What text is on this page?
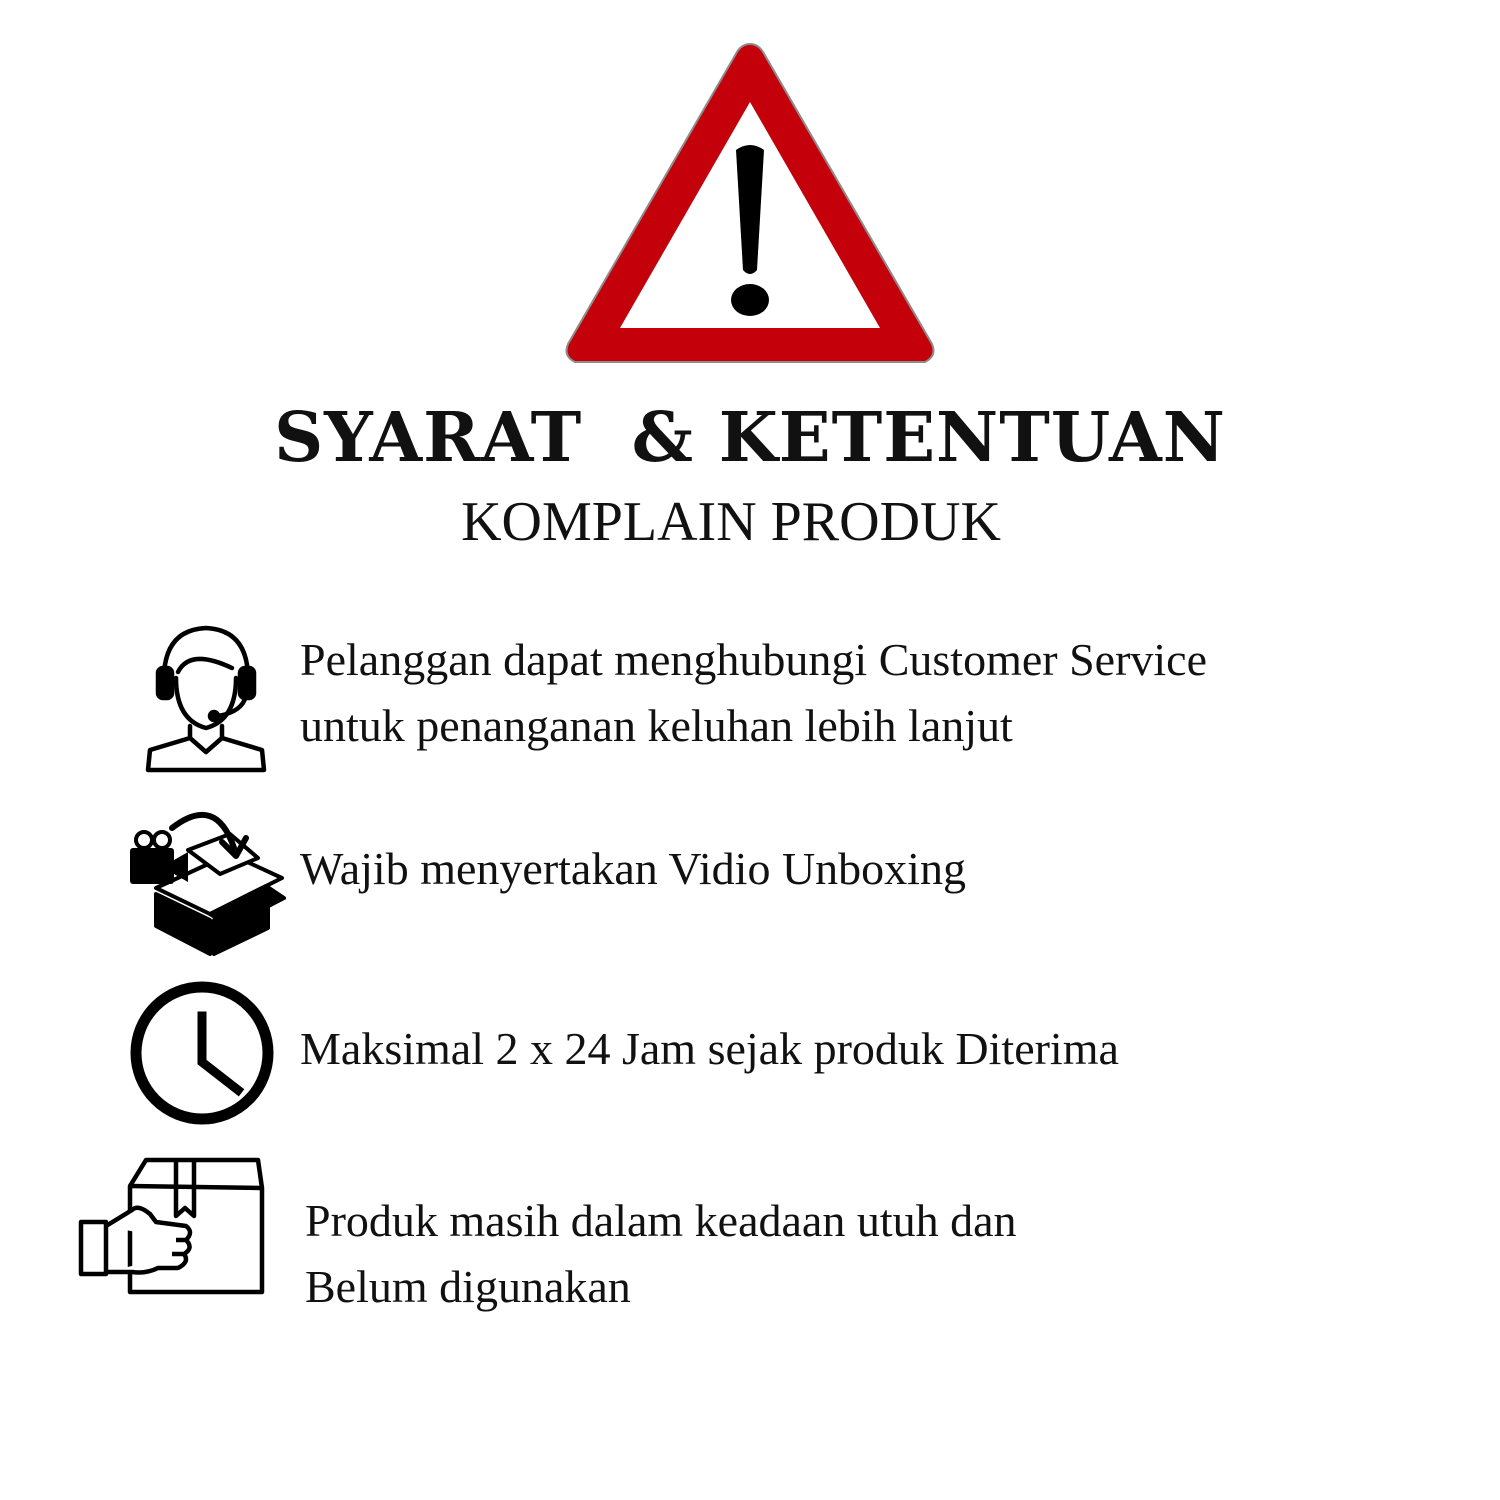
SYARAT  & KETENTUAN
KOMPLAIN PRODUK
Pelanggan dapat menghubungi Customer Service
untuk penanganan keluhan lebih lanjut
Wajib menyertakan Vidio Unboxing
Maksimal 2 x 24 Jam sejak produk Diterima
Produk masih dalam keadaan utuh dan
Belum digunakan
